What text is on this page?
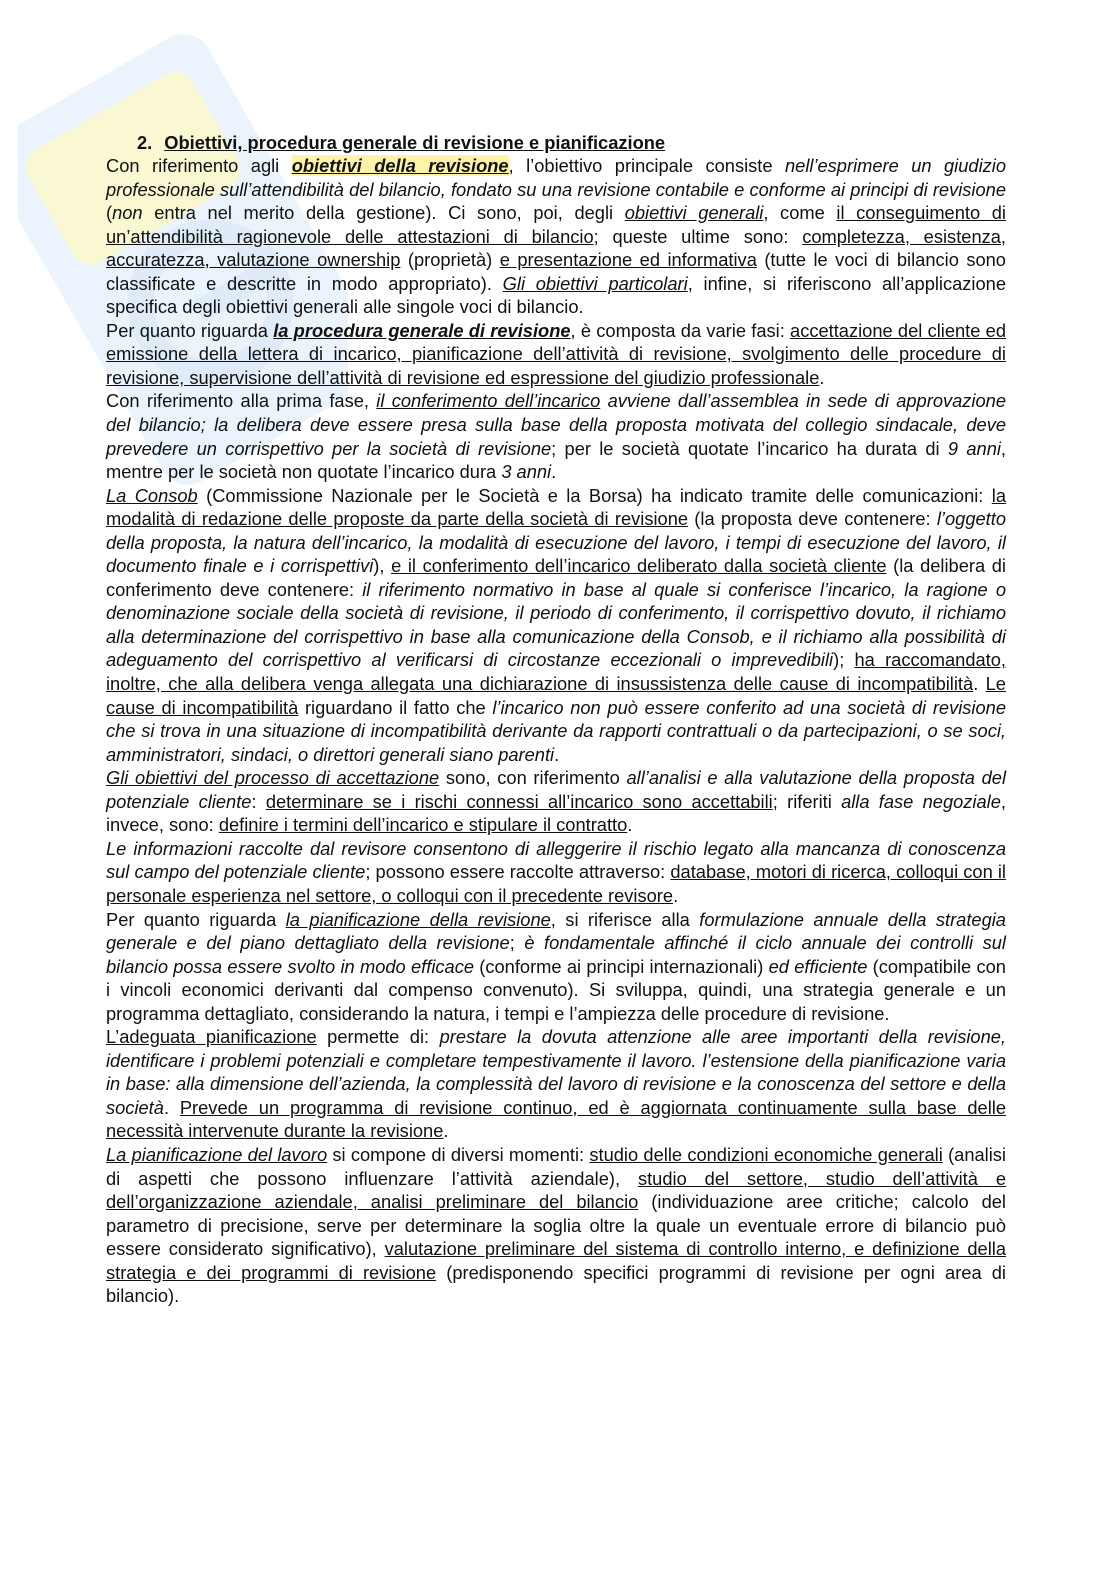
2. Obiettivi, procedura generale di revisione e pianificazione

Con riferimento agli obiettivi della revisione, l’obiettivo principale consiste nell’esprimere un giudizio professionale sull’attendibilità del bilancio, fondato su una revisione contabile e conforme ai principi di revisione (non entra nel merito della gestione). Ci sono, poi, degli obiettivi generali, come il conseguimento di un’attendibilità ragionevole delle attestazioni di bilancio; queste ultime sono: completezza, esistenza, accuratezza, valutazione ownership (proprietà) e presentazione ed informativa (tutte le voci di bilancio sono classificate e descritte in modo appropriato). Gli obiettivi particolari, infine, si riferiscono all’applicazione specifica degli obiettivi generali alle singole voci di bilancio.

Per quanto riguarda la procedura generale di revisione, è composta da varie fasi: accettazione del cliente ed emissione della lettera di incarico, pianificazione dell’attività di revisione, svolgimento delle procedure di revisione, supervisione dell’attività di revisione ed espressione del giudizio professionale.

Con riferimento alla prima fase, il conferimento dell’incarico avviene dall’assemblea in sede di approvazione del bilancio; la delibera deve essere presa sulla base della proposta motivata del collegio sindacale, deve prevedere un corrispettivo per la società di revisione; per le società quotate l’incarico ha durata di 9 anni, mentre per le società non quotate l’incarico dura 3 anni.

La Consob (Commissione Nazionale per le Società e la Borsa) ha indicato tramite delle comunicazioni: la modalità di redazione delle proposte da parte della società di revisione (la proposta deve contenere: l’oggetto della proposta, la natura dell’incarico, la modalità di esecuzione del lavoro, i tempi di esecuzione del lavoro, il documento finale e i corrispettivi), e il conferimento dell’incarico deliberato dalla società cliente (la delibera di conferimento deve contenere: il riferimento normativo in base al quale si conferisce l’incarico, la ragione o denominazione sociale della società di revisione, il periodo di conferimento, il corrispettivo dovuto, il richiamo alla determinazione del corrispettivo in base alla comunicazione della Consob, e il richiamo alla possibilità di adeguamento del corrispettivo al verificarsi di circostanze eccezionali o imprevedibili); ha raccomandato, inoltre, che alla delibera venga allegata una dichiarazione di insussistenza delle cause di incompatibilità. Le cause di incompatibilità riguardano il fatto che l’incarico non può essere conferito ad una società di revisione che si trova in una situazione di incompatibilità derivante da rapporti contrattuali o da partecipazioni, o se soci, amministratori, sindaci, o direttori generali siano parenti.

Gli obiettivi del processo di accettazione sono, con riferimento all’analisi e alla valutazione della proposta del potenziale cliente: determinare se i rischi connessi all’incarico sono accettabili; riferiti alla fase negoziale, invece, sono: definire i termini dell’incarico e stipulare il contratto.

Le informazioni raccolte dal revisore consentono di alleggerire il rischio legato alla mancanza di conoscenza sul campo del potenziale cliente; possono essere raccolte attraverso: database, motori di ricerca, colloqui con il personale esperienza nel settore, o colloqui con il precedente revisore.

Per quanto riguarda la pianificazione della revisione, si riferisce alla formulazione annuale della strategia generale e del piano dettagliato della revisione; è fondamentale affinché il ciclo annuale dei controlli sul bilancio possa essere svolto in modo efficace (conforme ai principi internazionali) ed efficiente (compatibile con i vincoli economici derivanti dal compenso convenuto). Si sviluppa, quindi, una strategia generale e un programma dettagliato, considerando la natura, i tempi e l’ampiezza delle procedure di revisione.

L’adeguata pianificazione permette di: prestare la dovuta attenzione alle aree importanti della revisione, identificare i problemi potenziali e completare tempestivamente il lavoro. l’estensione della pianificazione varia in base: alla dimensione dell’azienda, la complessità del lavoro di revisione e la conoscenza del settore e della società. Prevede un programma di revisione continuo, ed è aggiornata continuamente sulla base delle necessità intervenute durante la revisione.

La pianificazione del lavoro si compone di diversi momenti: studio delle condizioni economiche generali (analisi di aspetti che possono influenzare l’attività aziendale), studio del settore, studio dell’attività e dell’organizzazione aziendale, analisi preliminare del bilancio (individuazione aree critiche; calcolo del parametro di precisione, serve per determinare la soglia oltre la quale un eventuale errore di bilancio può essere considerato significativo), valutazione preliminare del sistema di controllo interno, e definizione della strategia e dei programmi di revisione (predisponendo specifici programmi di revisione per ogni area di bilancio).
